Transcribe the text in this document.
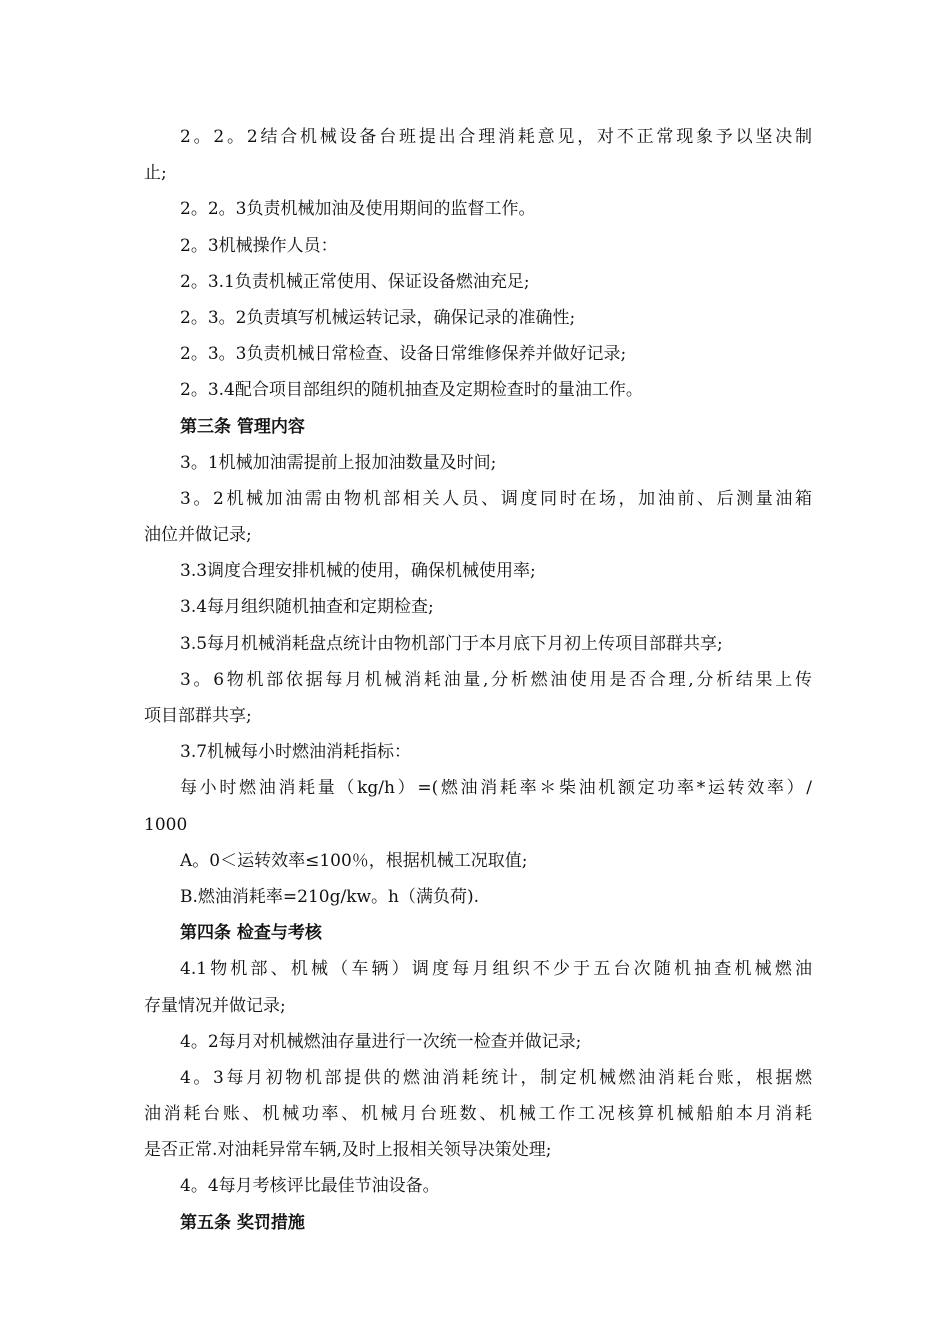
2。2。2结合机械设备台班提出合理消耗意见，对不正常现象予以坚决制
止;
2。2。3负责机械加油及使用期间的监督工作。
2。3机械操作人员：
2。3.1负责机械正常使用、保证设备燃油充足;
2。3。2负责填写机械运转记录，确保记录的准确性;
2。3。3负责机械日常检查、设备日常维修保养并做好记录;
2。3.4配合项目部组织的随机抽查及定期检查时的量油工作。
第三条 管理内容
3。1机械加油需提前上报加油数量及时间;
3。2机械加油需由物机部相关人员、调度同时在场，加油前、后测量油箱
油位并做记录;
3.3调度合理安排机械的使用，确保机械使用率;
3.4每月组织随机抽查和定期检查;
3.5每月机械消耗盘点统计由物机部门于本月底下月初上传项目部群共享;
3。6物机部依据每月机械消耗油量,分析燃油使用是否合理,分析结果上传
项目部群共享;
3.7机械每小时燃油消耗指标：
每小时燃油消耗量（kg/h）=(燃油消耗率＊柴油机额定功率*运转效率）/
1000
A。0＜运转效率≤100％，根据机械工况取值;
B.燃油消耗率=210g/kw。h（满负荷).
第四条 检查与考核
4.1物机部、机械（车辆）调度每月组织不少于五台次随机抽查机械燃油
存量情况并做记录;
4。2每月对机械燃油存量进行一次统一检查并做记录;
4。3每月初物机部提供的燃油消耗统计，制定机械燃油消耗台账，根据燃
油消耗台账、机械功率、机械月台班数、机械工作工况核算机械船舶本月消耗
是否正常.对油耗异常车辆,及时上报相关领导决策处理;
4。4每月考核评比最佳节油设备。
第五条 奖罚措施
